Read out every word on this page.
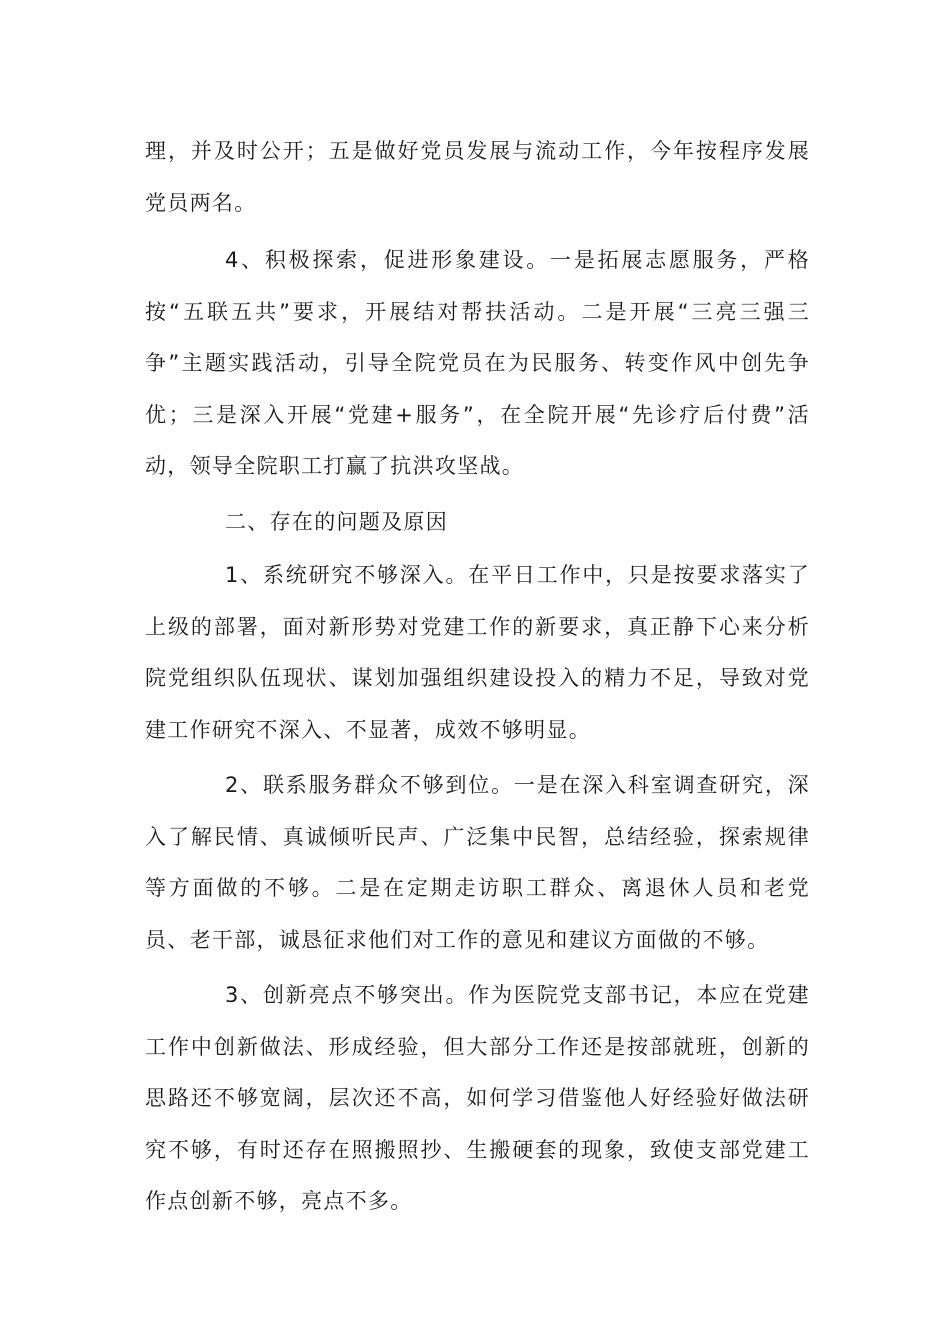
理，并及时公开；五是做好党员发展与流动工作，今年按程序发展党员两名。

4、积极探索，促进形象建设。一是拓展志愿服务，严格按“五联五共”要求，开展结对帮扶活动。二是开展“三亮三强三争”主题实践活动，引导全院党员在为民服务、转变作风中创先争优；三是深入开展“党建+服务”，在全院开展“先诊疗后付费”活动，领导全院职工打赢了抗洪攻坚战。

二、存在的问题及原因

1、系统研究不够深入。在平日工作中，只是按要求落实了上级的部署，面对新形势对党建工作的新要求，真正静下心来分析院党组织队伍现状、谋划加强组织建设投入的精力不足，导致对党建工作研究不深入、不显著，成效不够明显。

2、联系服务群众不够到位。一是在深入科室调查研究，深入了解民情、真诚倾听民声、广泛集中民智，总结经验，探索规律等方面做的不够。二是在定期走访职工群众、离退休人员和老党员、老干部，诚恳征求他们对工作的意见和建议方面做的不够。

3、创新亮点不够突出。作为医院党支部书记，本应在党建工作中创新做法、形成经验，但大部分工作还是按部就班，创新的思路还不够宽阔，层次还不高，如何学习借鉴他人好经验好做法研究不够，有时还存在照搬照抄、生搬硬套的现象，致使支部党建工作点创新不够，亮点不多。
